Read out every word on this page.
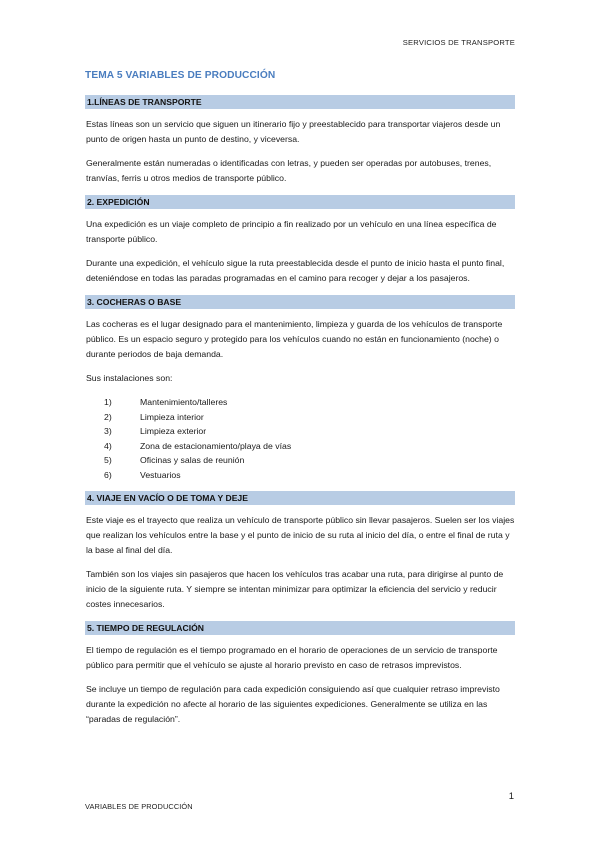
SERVICIOS DE TRANSPORTE
TEMA 5 VARIABLES DE PRODUCCIÓN
1.LÍNEAS DE TRANSPORTE

Estas líneas son un servicio que siguen un itinerario fijo y preestablecido para transportar viajeros desde un punto de origen hasta un punto de destino, y viceversa.

Generalmente están numeradas o identificadas con letras, y pueden ser operadas por autobuses, trenes, tranvías, ferris u otros medios de transporte público.

2. EXPEDICIÓN

Una expedición es un viaje completo de principio a fin realizado por un vehículo en una línea específica de transporte público.

Durante una expedición, el vehículo sigue la ruta preestablecida desde el punto de inicio hasta el punto final, deteniéndose en todas las paradas programadas en el camino para recoger y dejar a los pasajeros.

3. COCHERAS O BASE

Las cocheras es el lugar designado para el mantenimiento, limpieza y guarda de los vehículos de transporte público. Es un espacio seguro y protegido para los vehículos cuando no están en funcionamiento (noche) o durante periodos de baja demanda.

Sus instalaciones son:

1)	Mantenimiento/talleres
2)	Limpieza interior
3)	Limpieza exterior
4)	Zona de estacionamiento/playa de vías
5)	Oficinas y salas de reunión
6)	Vestuarios
4. VIAJE EN VACÍO O DE TOMA Y DEJE

Este viaje es el trayecto que realiza un vehículo de transporte público sin llevar pasajeros. Suelen ser los viajes que realizan los vehículos entre la base y el punto de inicio de su ruta al inicio del día, o entre el final de ruta y la base al final del día.

También son los viajes sin pasajeros que hacen los vehículos tras acabar una ruta, para dirigirse al punto de inicio de la siguiente ruta. Y siempre se intentan minimizar para optimizar la eficiencia del servicio y reducir costes innecesarios.

5. TIEMPO DE REGULACIÓN

El tiempo de regulación es el tiempo programado en el horario de operaciones de un servicio de transporte público para permitir que el vehículo se ajuste al horario previsto en caso de retrasos imprevistos.

Se incluye un tiempo de regulación para cada expedición consiguiendo así que cualquier retraso imprevisto durante la expedición no afecte al horario de las siguientes expediciones. Generalmente se utiliza en las “paradas de regulación”.

1
VARIABLES DE PRODUCCIÓN
